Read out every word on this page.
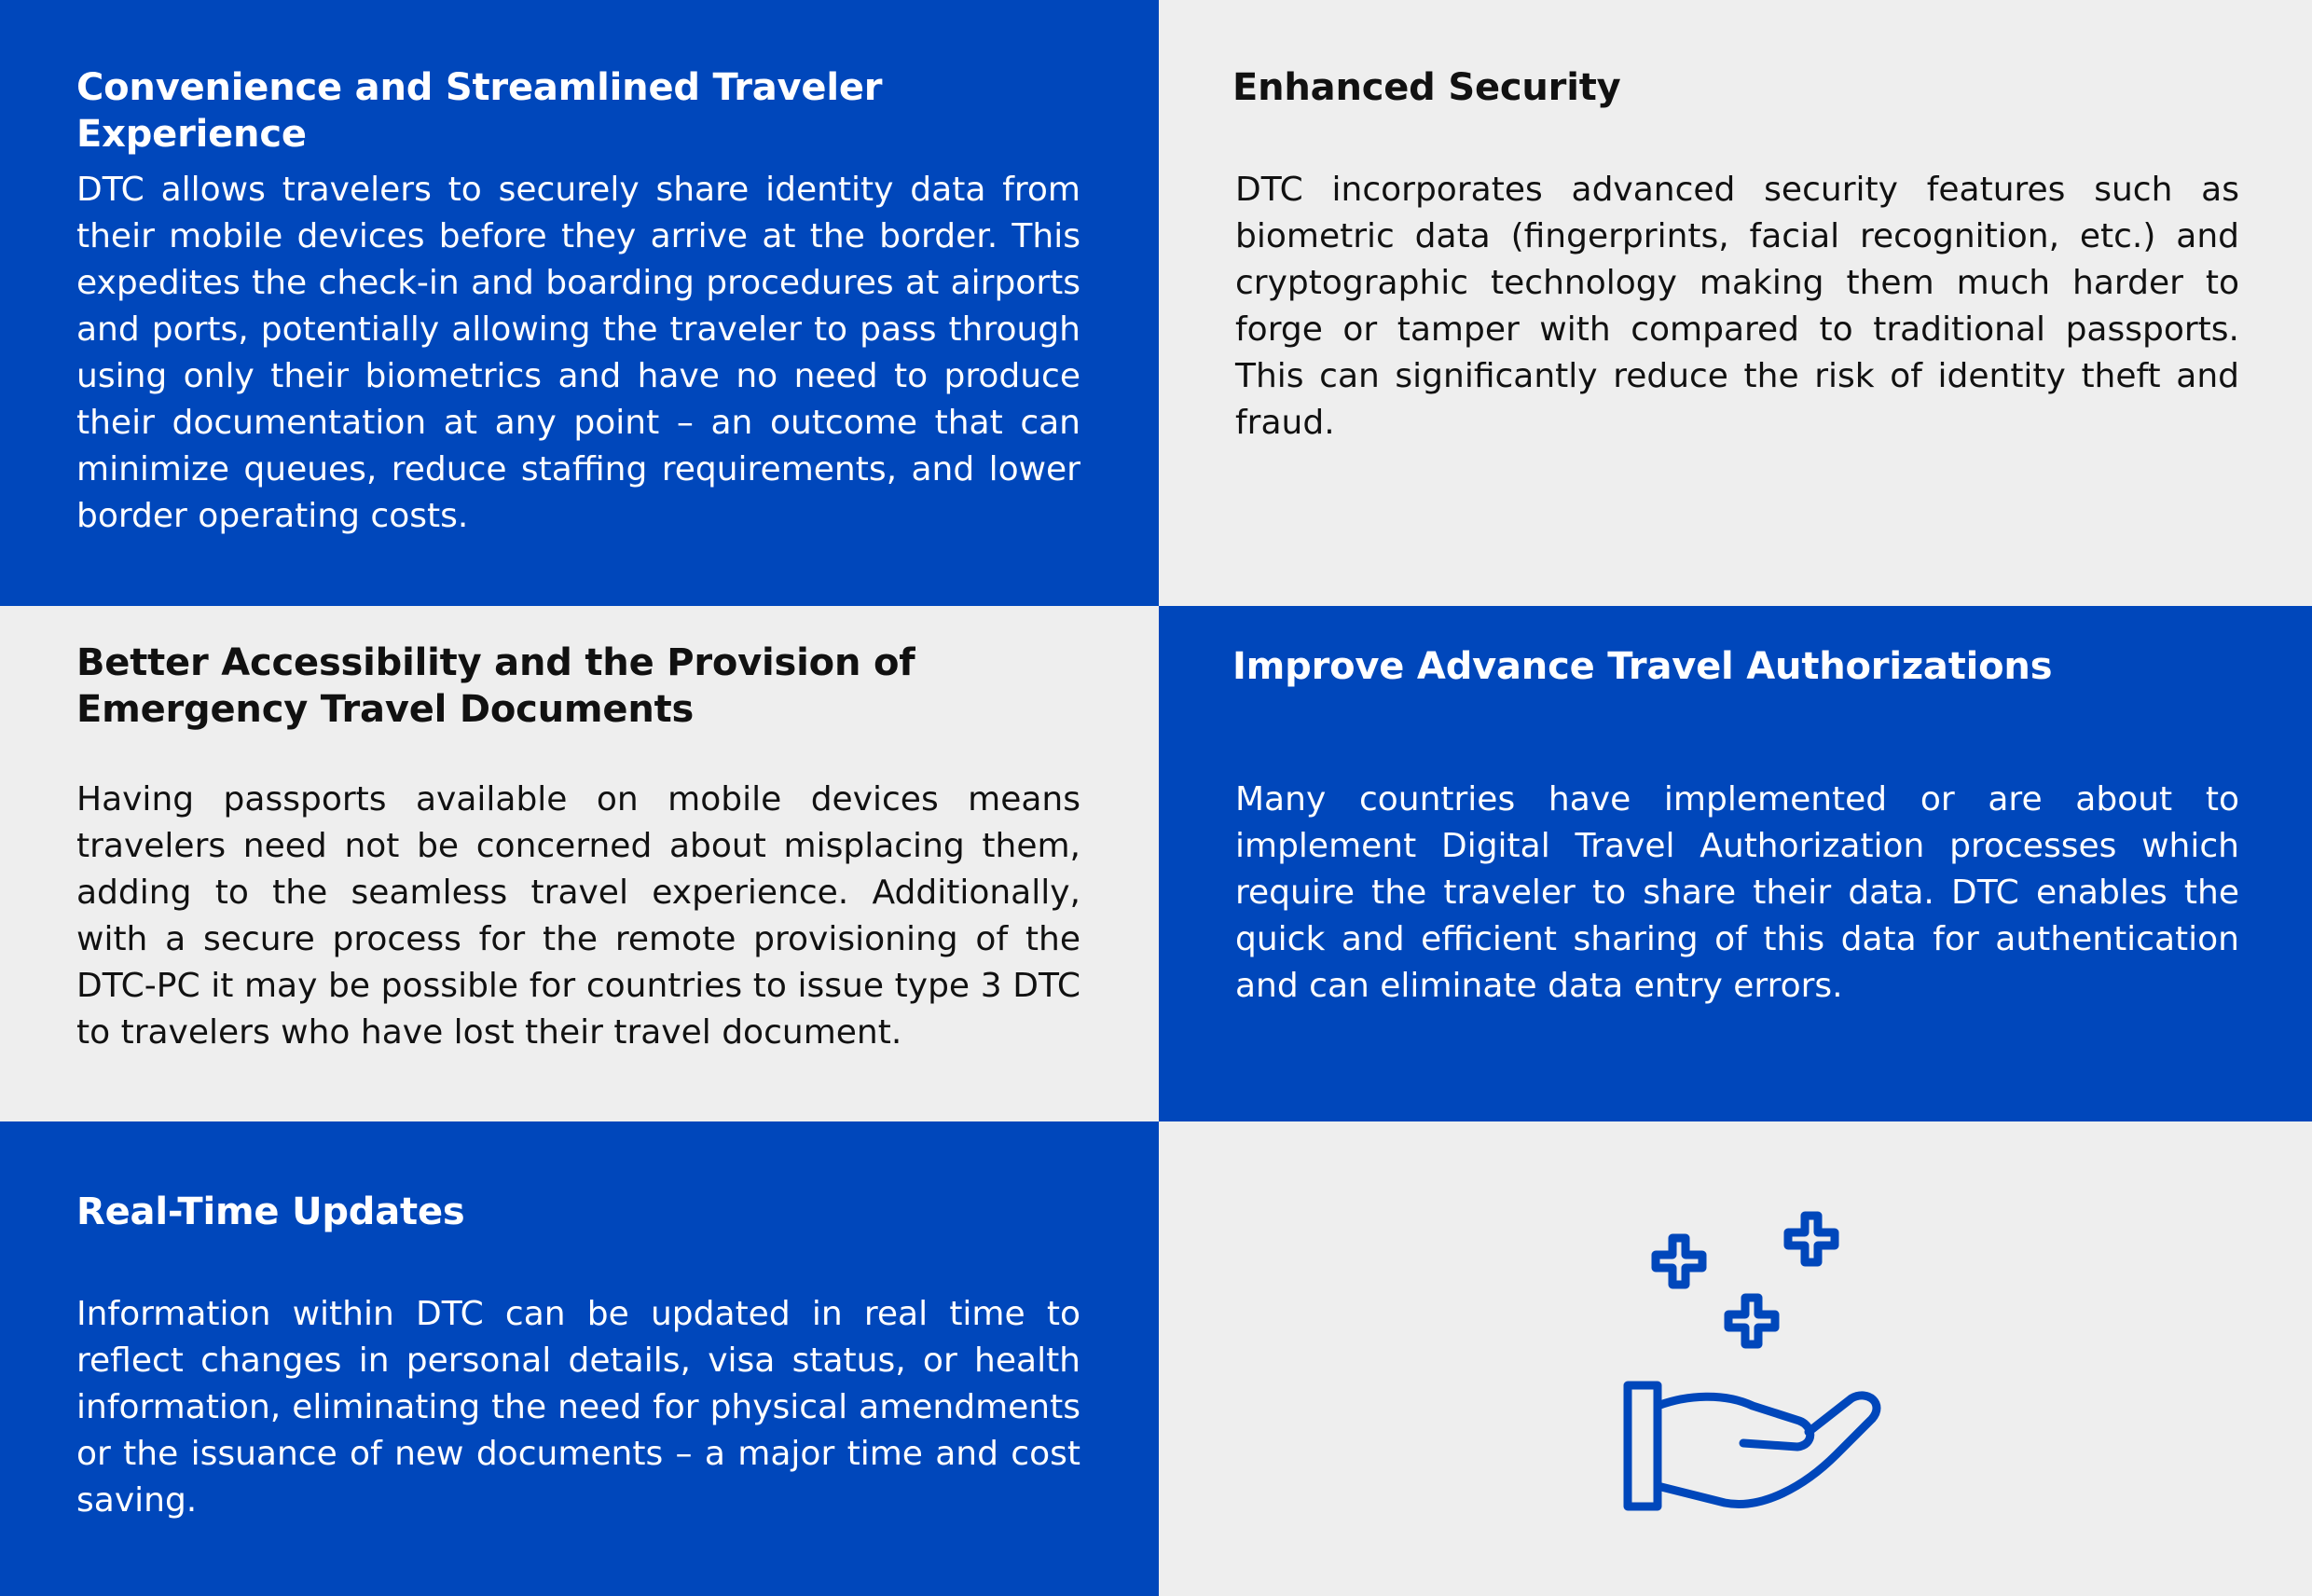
Convenience and Streamlined Traveler Experience

DTC allows travelers to securely share identity data from their mobile devices before they arrive at the border. This expedites the check-in and boarding procedures at airports and ports, potentially allowing the traveler to pass through using only their biometrics and have no need to produce their documentation at any point – an outcome that can minimize queues, reduce staffing requirements, and lower border operating costs.

Enhanced Security

DTC incorporates advanced security features such as biometric data (fingerprints, facial recognition, etc.) and cryptographic technology making them much harder to forge or tamper with compared to traditional passports. This can significantly reduce the risk of identity theft and fraud.

Better Accessibility and the Provision of Emergency Travel Documents

Having passports available on mobile devices means travelers need not be concerned about misplacing them, adding to the seamless travel experience. Additionally, with a secure process for the remote provisioning of the DTC-PC it may be possible for countries to issue type 3 DTC to travelers who have lost their travel document.

Improve Advance Travel Authorizations

Many countries have implemented or are about to implement Digital Travel Authorization processes which require the traveler to share their data. DTC enables the quick and efficient sharing of this data for authentication and can eliminate data entry errors.

Real-Time Updates

Information within DTC can be updated in real time to reflect changes in personal details, visa status, or health information, eliminating the need for physical amendments or the issuance of new documents – a major time and cost saving.
